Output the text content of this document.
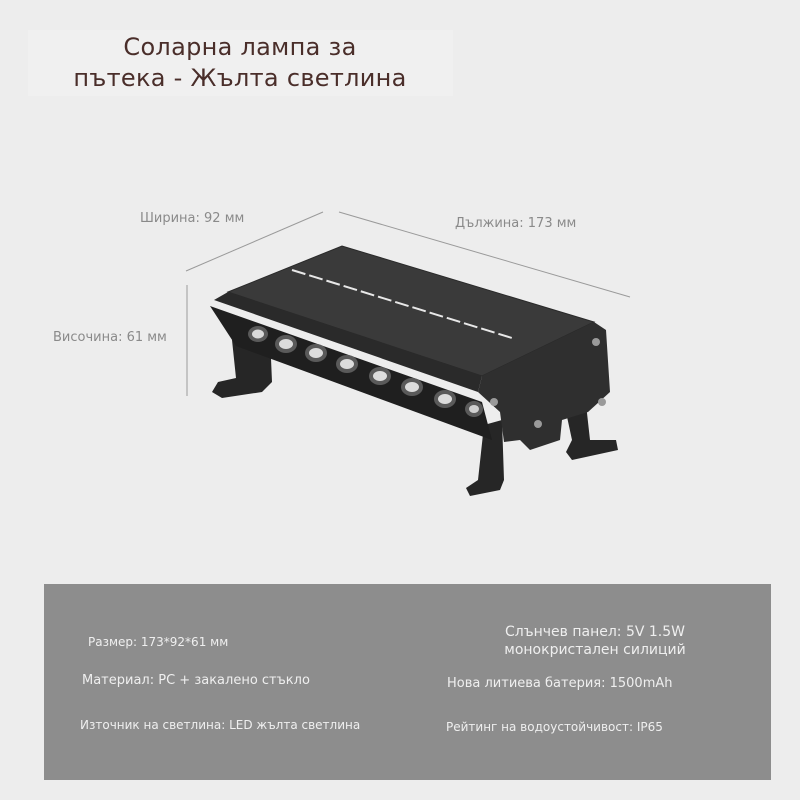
Соларна лампа за
пътека - Жълта светлина
Ширина: 92 мм	Дължина: 173 мм
Височина: 61 мм
Размер: 173*92*61 мм
Материал: PC + закалено стъкло
Източник на светлина: LED жълта светлина
Слънчев панел: 5V 1.5W
монокристален силиций
Нова литиева батерия: 1500mAh
Рейтинг на водоустойчивост: IP65
